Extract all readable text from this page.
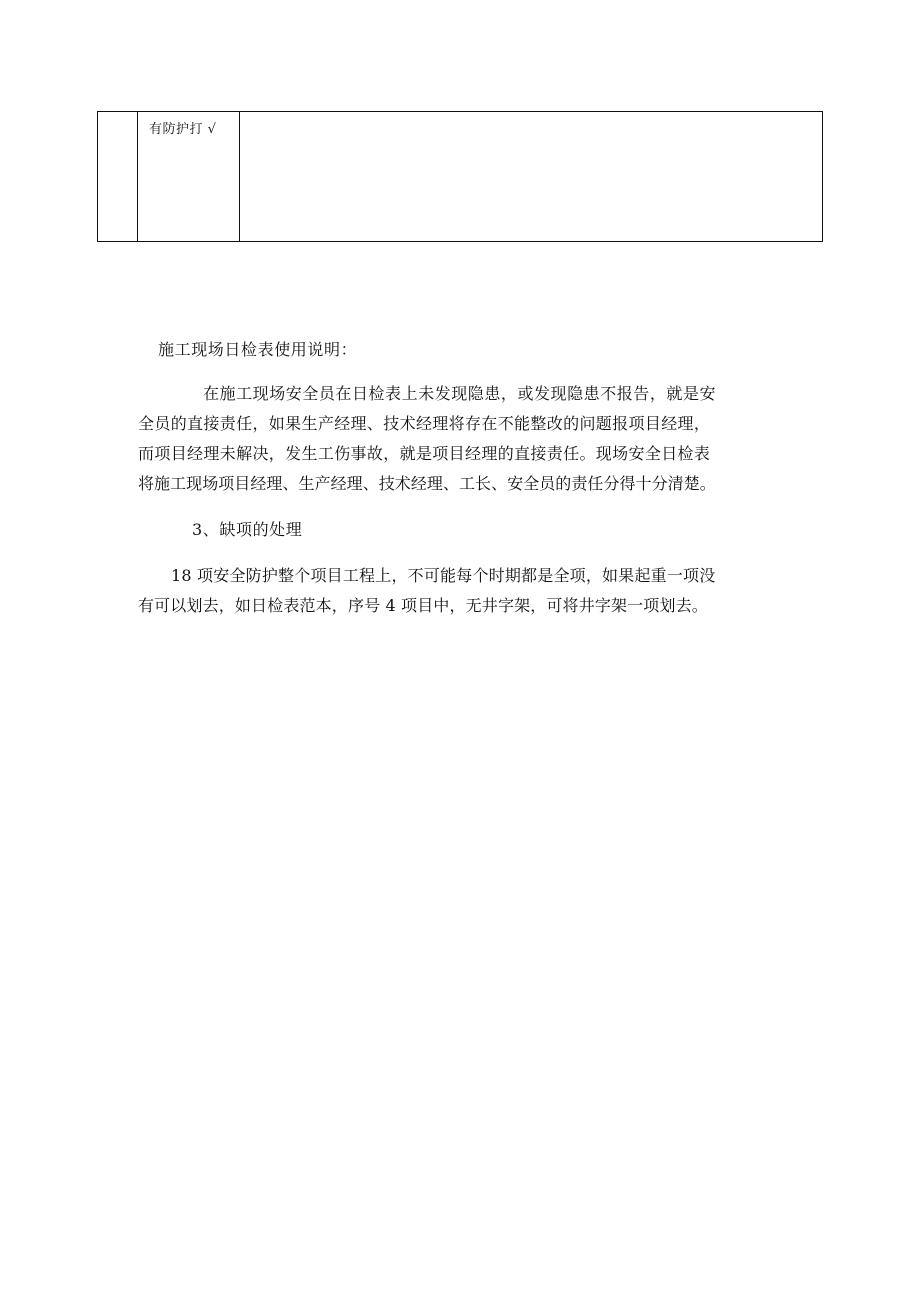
有防护打 √
施工现场日检表使用说明：
在施工现场安全员在日检表上未发现隐患，或发现隐患不报告，就是安
全员的直接责任，如果生产经理、技术经理将存在不能整改的问题报项目经理，
而项目经理未解决，发生工伤事故，就是项目经理的直接责任。现场安全日检表
将施工现场项目经理、生产经理、技术经理、工长、安全员的责任分得十分清楚。
3、缺项的处理
18 项安全防护整个项目工程上，不可能每个时期都是全项，如果起重一项没
有可以划去，如日检表范本，序号 4 项目中，无井字架，可将井字架一项划去。
